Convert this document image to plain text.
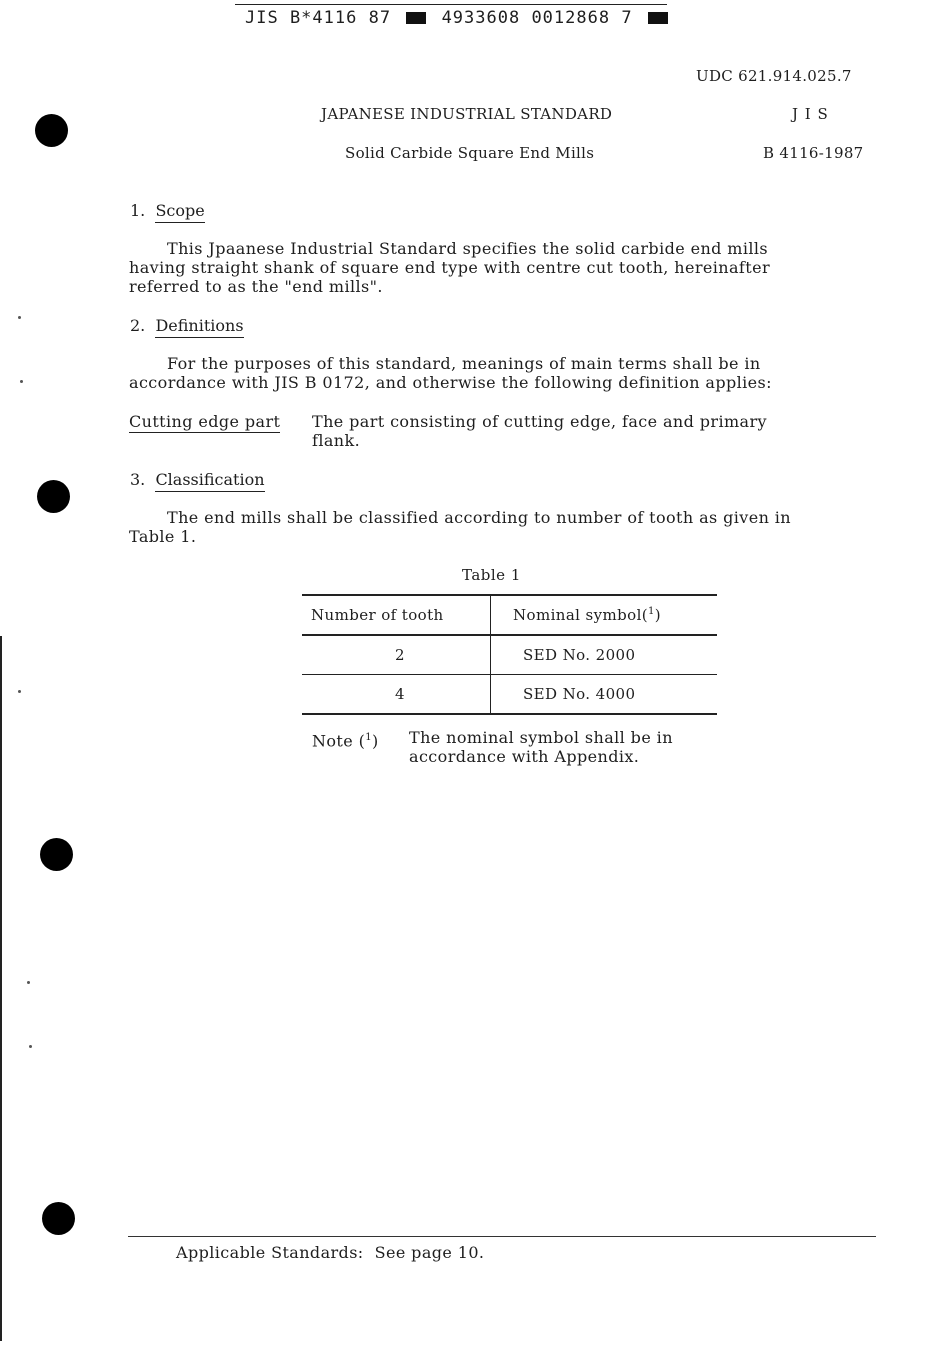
JIS B*4116 87	4933608 0012868 7
UDC 621.914.025.7
JAPANESE INDUSTRIAL STANDARD	J I S
Solid Carbide Square End Mills	B 4116-1987
1. Scope
This Jpaanese Industrial Standard specifies the solid carbide end mills
having straight shank of square end type with centre cut tooth, hereinafter
referred to as the "end mills".
2. Definitions
For the purposes of this standard, meanings of main terms shall be in
accordance with JIS B 0172, and otherwise the following definition applies:
Cutting edge part The part consisting of cutting edge, face and primary
flank.
3. Classification
The end mills shall be classified according to number of tooth as given in
Table 1.
Table 1
Number of tooth	Nominal symbol($^1$)
2	SED No. 2000
4	SED No. 4000
Note ($^1$) The nominal symbol shall be in
accordance with Appendix.
Applicable Standards: See page 10.
